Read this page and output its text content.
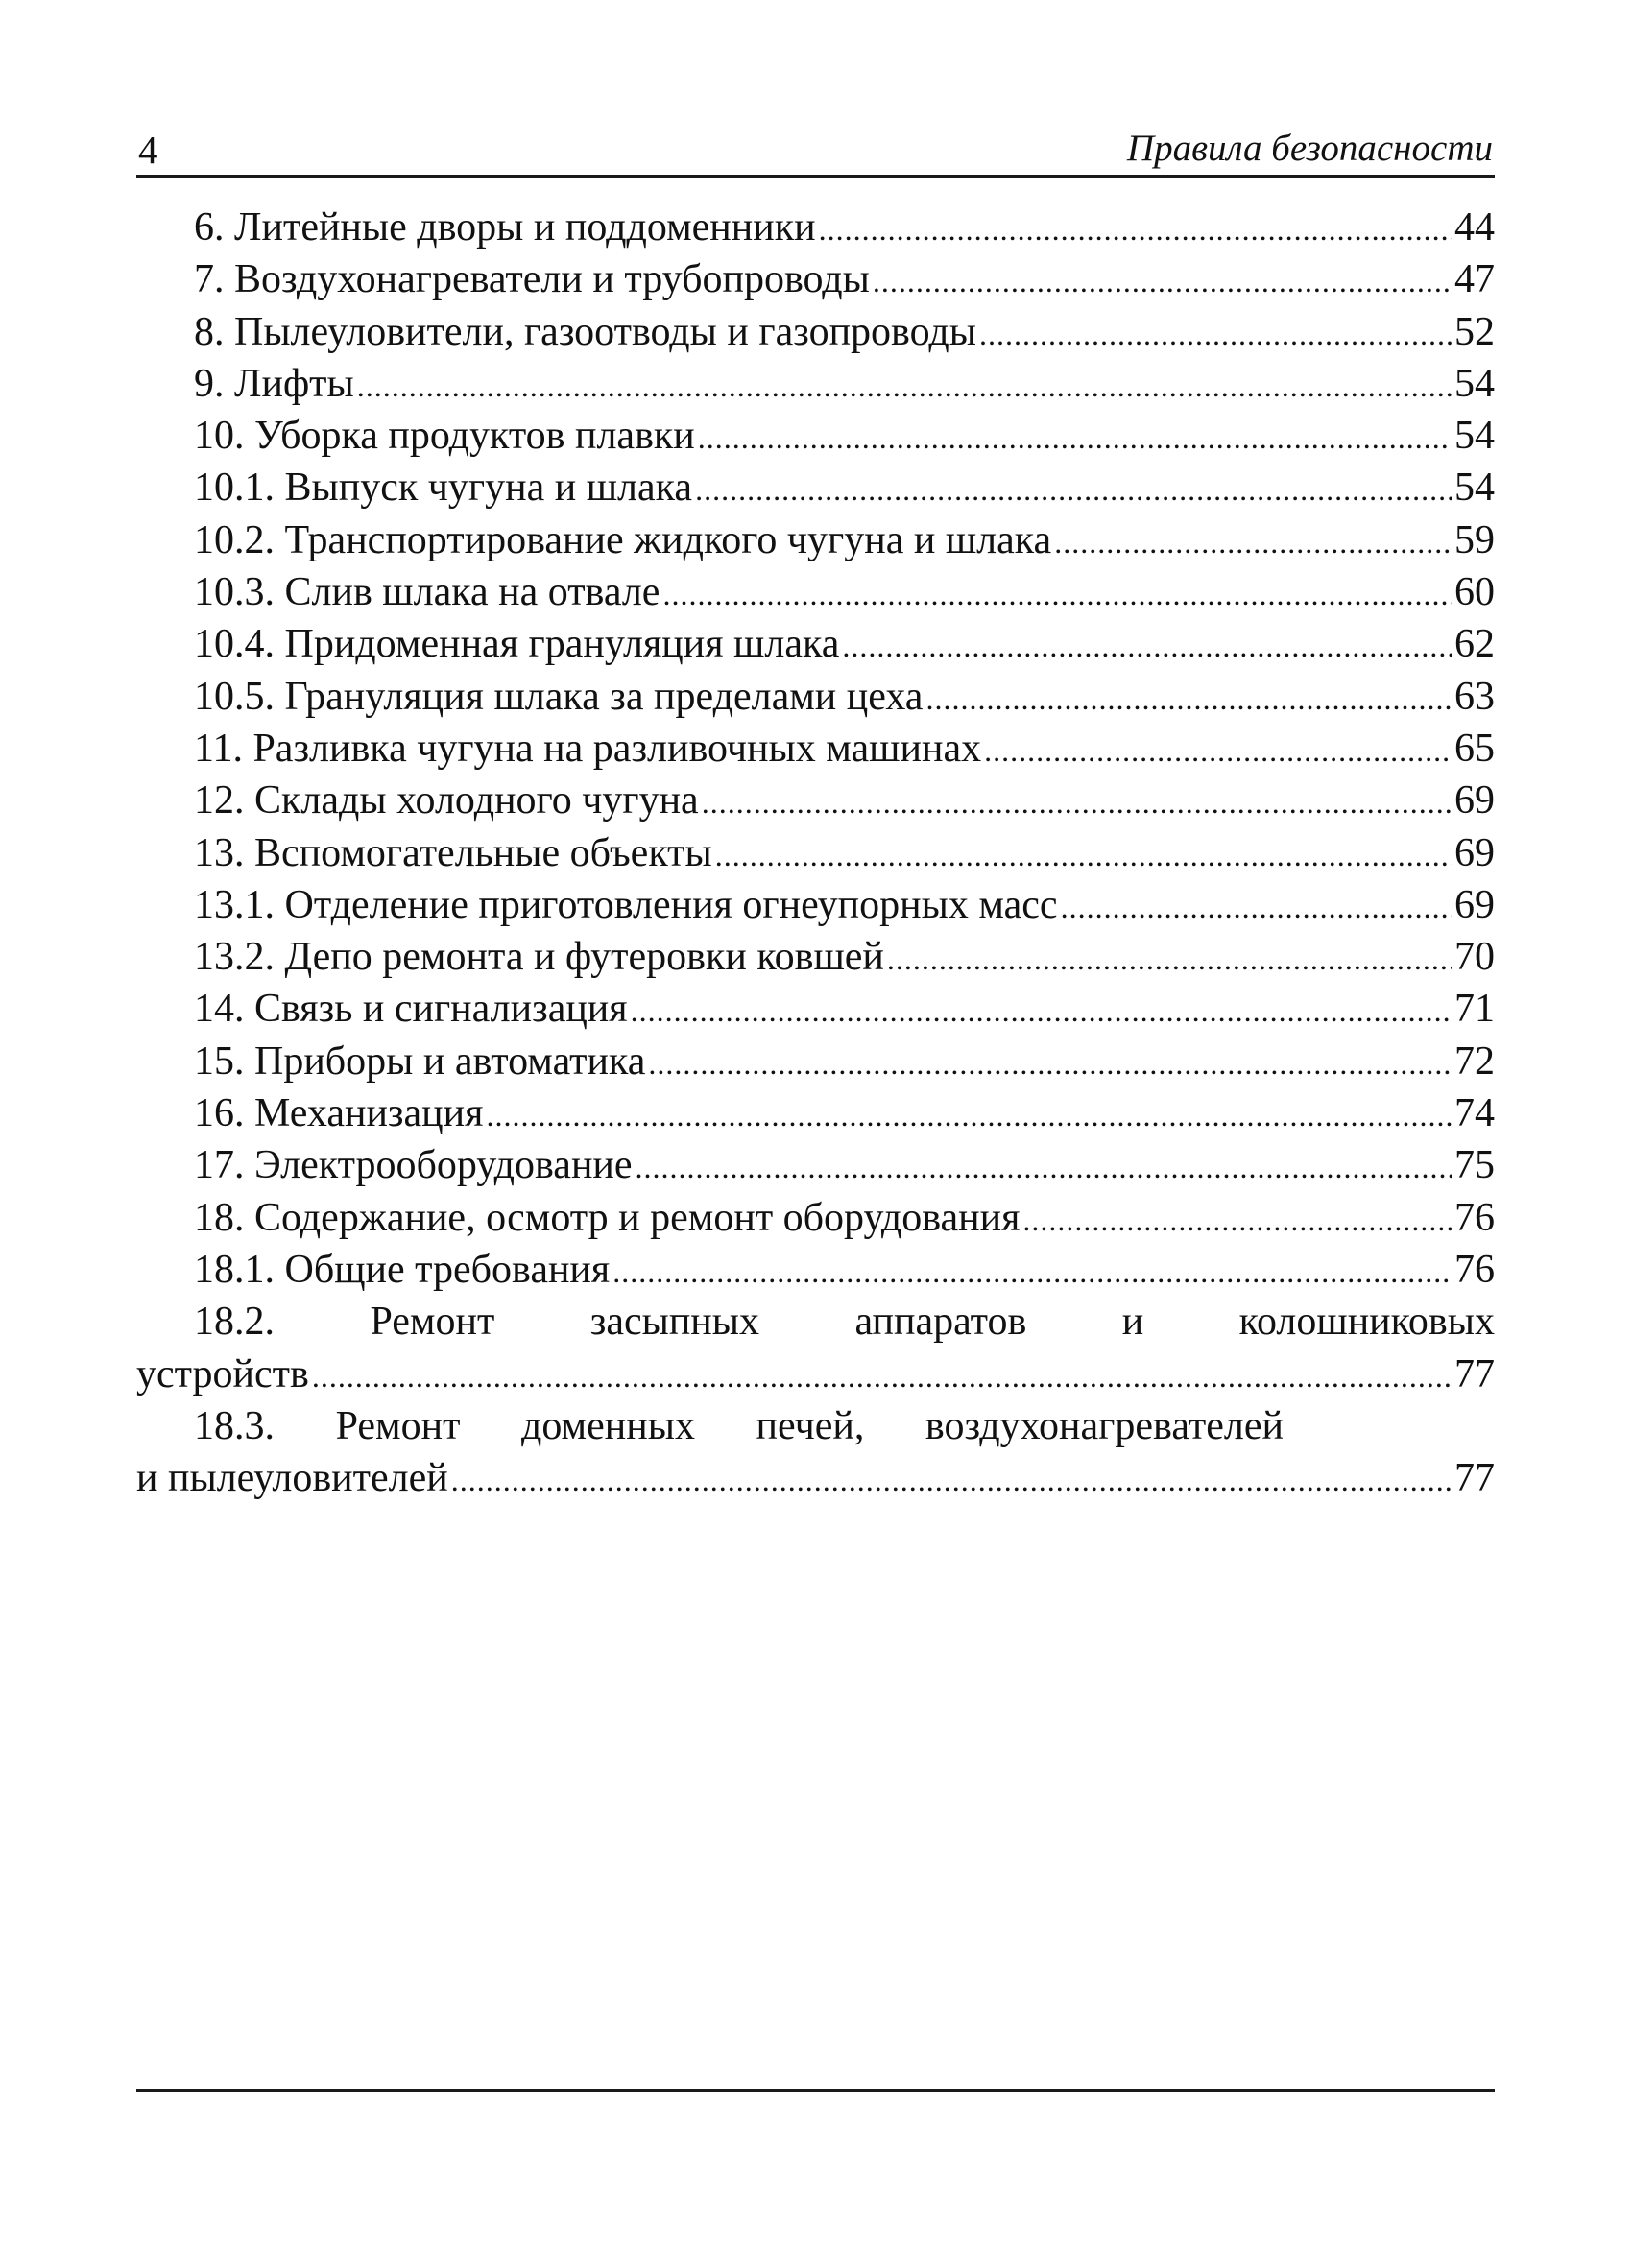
4	Правила безопасности
6. Литейные дворы и поддоменники .....	44
7. Воздухонагреватели и трубопроводы .....	47
8. Пылеуловители, газоотводы и газопроводы .....	52
9. Лифты .....	54
10. Уборка продуктов плавки .....	54
10.1. Выпуск чугуна и шлака .....	54
10.2. Транспортирование жидкого чугуна и шлака .....	59
10.3. Слив шлака на отвале .....	60
10.4. Придоменная грануляция шлака .....	62
10.5. Грануляция шлака за пределами цеха .....	63
11. Разливка чугуна на разливочных машинах .....	65
12. Склады холодного чугуна .....	69
13. Вспомогательные объекты .....	69
13.1. Отделение приготовления огнеупорных масс .....	69
13.2. Депо ремонта и футеровки ковшей .....	70
14. Связь и сигнализация .....	71
15. Приборы и автоматика .....	72
16. Механизация .....	74
17. Электрооборудование .....	75
18. Содержание, осмотр и ремонт оборудования .....	76
18.1. Общие требования .....	76
18.2. Ремонт засыпных аппаратов и колошниковых
устройств .....	77
18.3. Ремонт доменных печей, воздухонагревателей
и пылеуловителей .....	77
